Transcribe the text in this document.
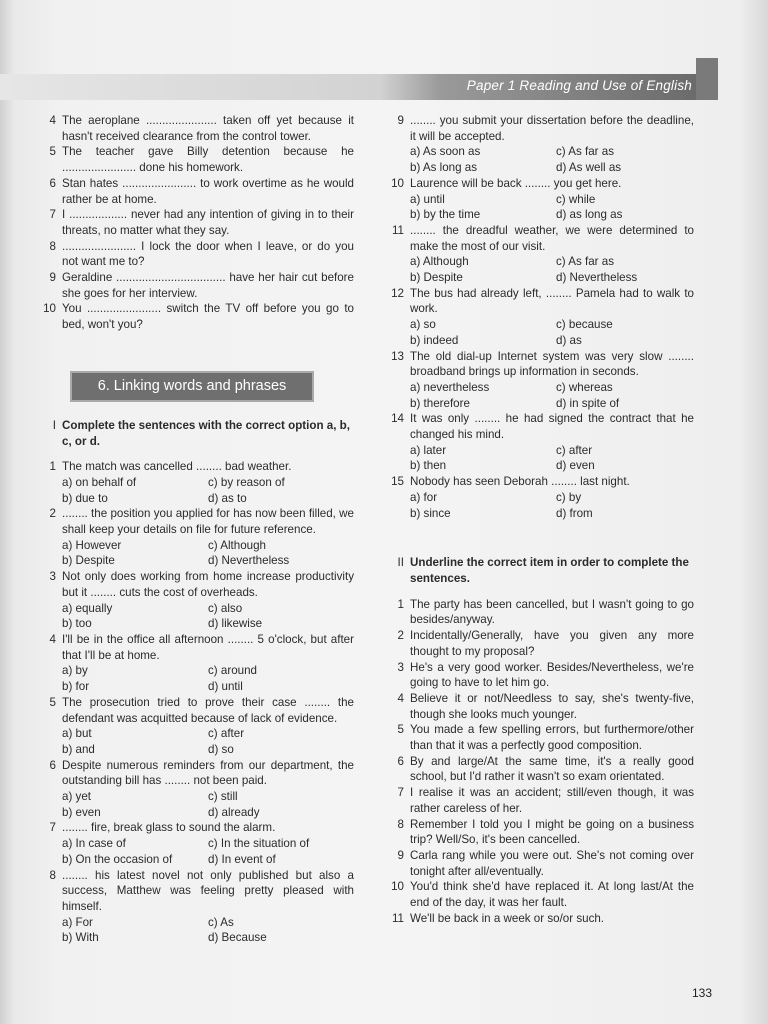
Paper 1 Reading and Use of English
4 The aeroplane ...................... taken off yet because it hasn't received clearance from the control tower.
5 The teacher gave Billy detention because he ....................... done his homework.
6 Stan hates ....................... to work overtime as he would rather be at home.
7 I .................. never had any intention of giving in to their threats, no matter what they say.
8 ....................... I lock the door when I leave, or do you not want me to?
9 Geraldine .................................. have her hair cut before she goes for her interview.
10 You ....................... switch the TV off before you go to bed, won't you?
6. Linking words and phrases
I Complete the sentences with the correct option a, b, c, or d.
1 The match was cancelled ........ bad weather.
a) on behalf of	c) by reason of
b) due to	d) as to
2 ........ the position you applied for has now been filled, we shall keep your details on file for future reference.
a) However	c) Although
b) Despite	d) Nevertheless
3 Not only does working from home increase productivity but it ........ cuts the cost of overheads.
a) equally	c) also
b) too	d) likewise
4 I'll be in the office all afternoon ........ 5 o'clock, but after that I'll be at home.
a) by	c) around
b) for	d) until
5 The prosecution tried to prove their case ........ the defendant was acquitted because of lack of evidence.
a) but	c) after
b) and	d) so
6 Despite numerous reminders from our department, the outstanding bill has ........ not been paid.
a) yet	c) still
b) even	d) already
7 ........ fire, break glass to sound the alarm.
a) In case of	c) In the situation of
b) On the occasion of	d) In event of
8 ........ his latest novel not only published but also a success, Matthew was feeling pretty pleased with himself.
a) For	c) As
b) With	d) Because
9 ........ you submit your dissertation before the deadline, it will be accepted.
a) As soon as	c) As far as
b) As long as	d) As well as
10 Laurence will be back ........ you get here.
a) until	c) while
b) by the time	d) as long as
11 ........ the dreadful weather, we were determined to make the most of our visit.
a) Although	c) As far as
b) Despite	d) Nevertheless
12 The bus had already left, ........ Pamela had to walk to work.
a) so	c) because
b) indeed	d) as
13 The old dial-up Internet system was very slow ........ broadband brings up information in seconds.
a) nevertheless	c) whereas
b) therefore	d) in spite of
14 It was only ........ he had signed the contract that he changed his mind.
a) later	c) after
b) then	d) even
15 Nobody has seen Deborah ........ last night.
a) for	c) by
b) since	d) from
II Underline the correct item in order to complete the sentences.
1 The party has been cancelled, but I wasn't going to go besides/anyway.
2 Incidentally/Generally, have you given any more thought to my proposal?
3 He's a very good worker. Besides/Nevertheless, we're going to have to let him go.
4 Believe it or not/Needless to say, she's twenty-five, though she looks much younger.
5 You made a few spelling errors, but furthermore/other than that it was a perfectly good composition.
6 By and large/At the same time, it's a really good school, but I'd rather it wasn't so exam orientated.
7 I realise it was an accident; still/even though, it was rather careless of her.
8 Remember I told you I might be going on a business trip? Well/So, it's been cancelled.
9 Carla rang while you were out. She's not coming over tonight after all/eventually.
10 You'd think she'd have replaced it. At long last/At the end of the day, it was her fault.
11 We'll be back in a week or so/or such.
133
